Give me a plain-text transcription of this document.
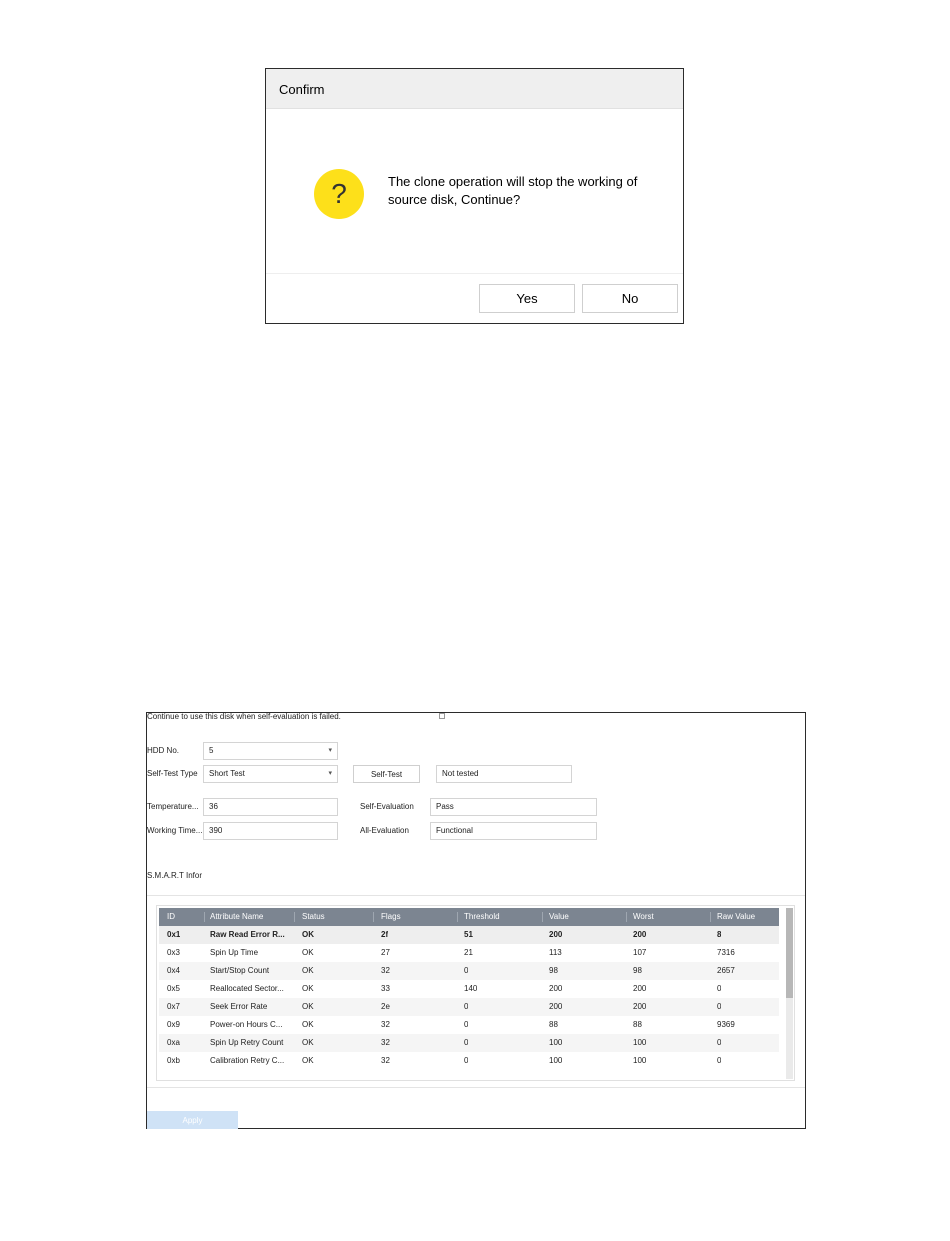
Confirm
?	The clone operation will stop the working of source disk, Continue?
Yes	No
Continue to use this disk when self-evaluation is failed.
HDD No.	5	▾
Self-Test Type	Short Test	▾	Self-Test	Not tested
Temperature...	36	Self-Evaluation	Pass
Working Time... 390	All-Evaluation	Functional
S.M.A.R.T Infor
ID	Attribute Name	Status	Flags	Threshold	Value	Worst	Raw Value
0x1	Raw Read Error R...	OK	2f	51	200	200	8
0x3	Spin Up Time	OK	27	21	113	107	7316
0x4	Start/Stop Count	OK	32	0	98	98	2657
0x5	Reallocated Sector...	OK	33	140	200	200	0
0x7	Seek Error Rate	OK	2e	0	200	200	0
0x9	Power-on Hours C...	OK	32	0	88	88	9369
0xa	Spin Up Retry Count	OK	32	0	100	100	0
0xb	Calibration Retry C...	OK	32	0	100	100	0
Apply
